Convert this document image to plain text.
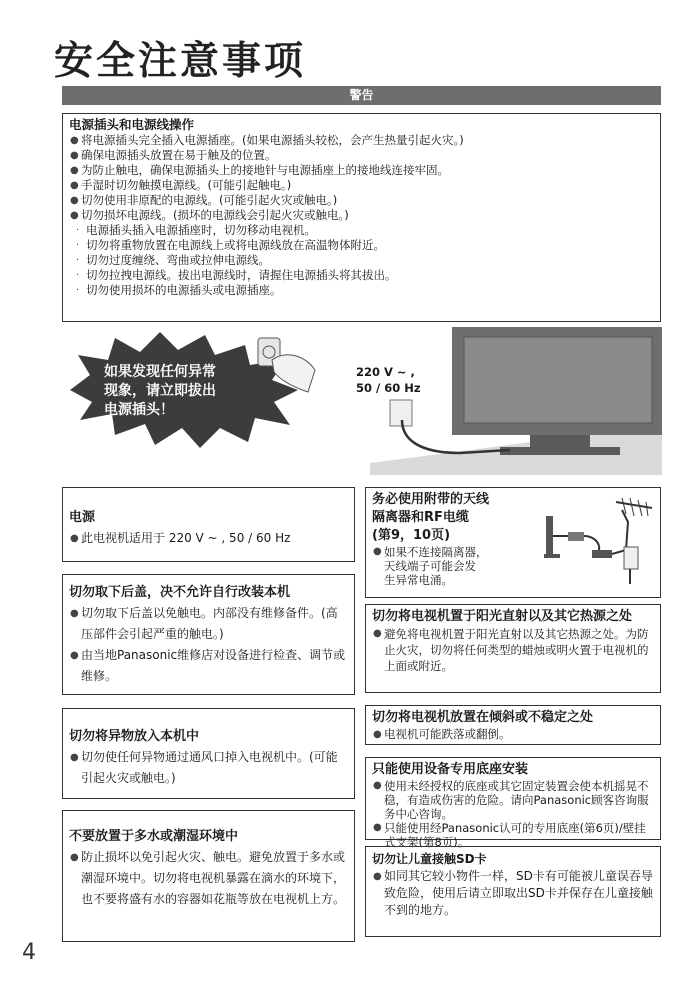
安全注意事项
警告
电源插头和电源线操作
● 将电源插头完全插入电源插座。(如果电源插头较松，会产生热量引起火灾。)
● 确保电源插头放置在易于触及的位置。
● 为防止触电，确保电源插头上的接地针与电源插座上的接地线连接牢固。
● 手湿时切勿触摸电源线。(可能引起触电。)
● 切勿使用非原配的电源线。(可能引起火灾或触电。)
● 切勿损坏电源线。(损坏的电源线会引起火灾或触电。)
· 电源插头插入电源插座时，切勿移动电视机。
· 切勿将重物放置在电源线上或将电源线放在高温物体附近。
· 切勿过度缠绕、弯曲或拉伸电源线。
· 切勿拉拽电源线。拔出电源线时，请握住电源插头将其拔出。
· 切勿使用损坏的电源插头或电源插座。
如果发现任何异常
现象，请立即拔出
电源插头！
220 V ~ ,
50 / 60 Hz
电源
● 此电视机适用于 220 V ~ , 50 / 60 Hz
切勿取下后盖，决不允许自行改装本机
● 切勿取下后盖以免触电。内部没有维修备件。(高压部件会引起严重的触电。)
● 由当地Panasonic维修店对设备进行检查、调节或维修。
切勿将异物放入本机中
● 切勿使任何异物通过通风口掉入电视机中。(可能引起火灾或触电。)
不要放置于多水或潮湿环境中
● 防止损坏以免引起火灾、触电。避免放置于多水或潮湿环境中。切勿将电视机暴露在滴水的环境下，也不要将盛有水的容器如花瓶等放在电视机上方。
务必使用附带的天线
隔离器和RF电缆
(第9，10页)
● 如果不连接隔离器，
天线端子可能会发
生异常电涌。
切勿将电视机置于阳光直射以及其它热源之处
● 避免将电视机置于阳光直射以及其它热源之处。为防止火灾，切勿将任何类型的蜡烛或明火置于电视机的上面或附近。
切勿将电视机放置在倾斜或不稳定之处
● 电视机可能跌落或翻倒。
只能使用设备专用底座安装
● 使用未经授权的底座或其它固定装置会使本机摇晃不稳，有造成伤害的危险。请向Panasonic顾客咨询服务中心咨询。
● 只能使用经Panasonic认可的专用底座(第6页)/壁挂式支架(第8页)。
切勿让儿童接触SD卡
● 如同其它较小物件一样，SD卡有可能被儿童误吞导致危险，使用后请立即取出SD卡并保存在儿童接触不到的地方。
4
